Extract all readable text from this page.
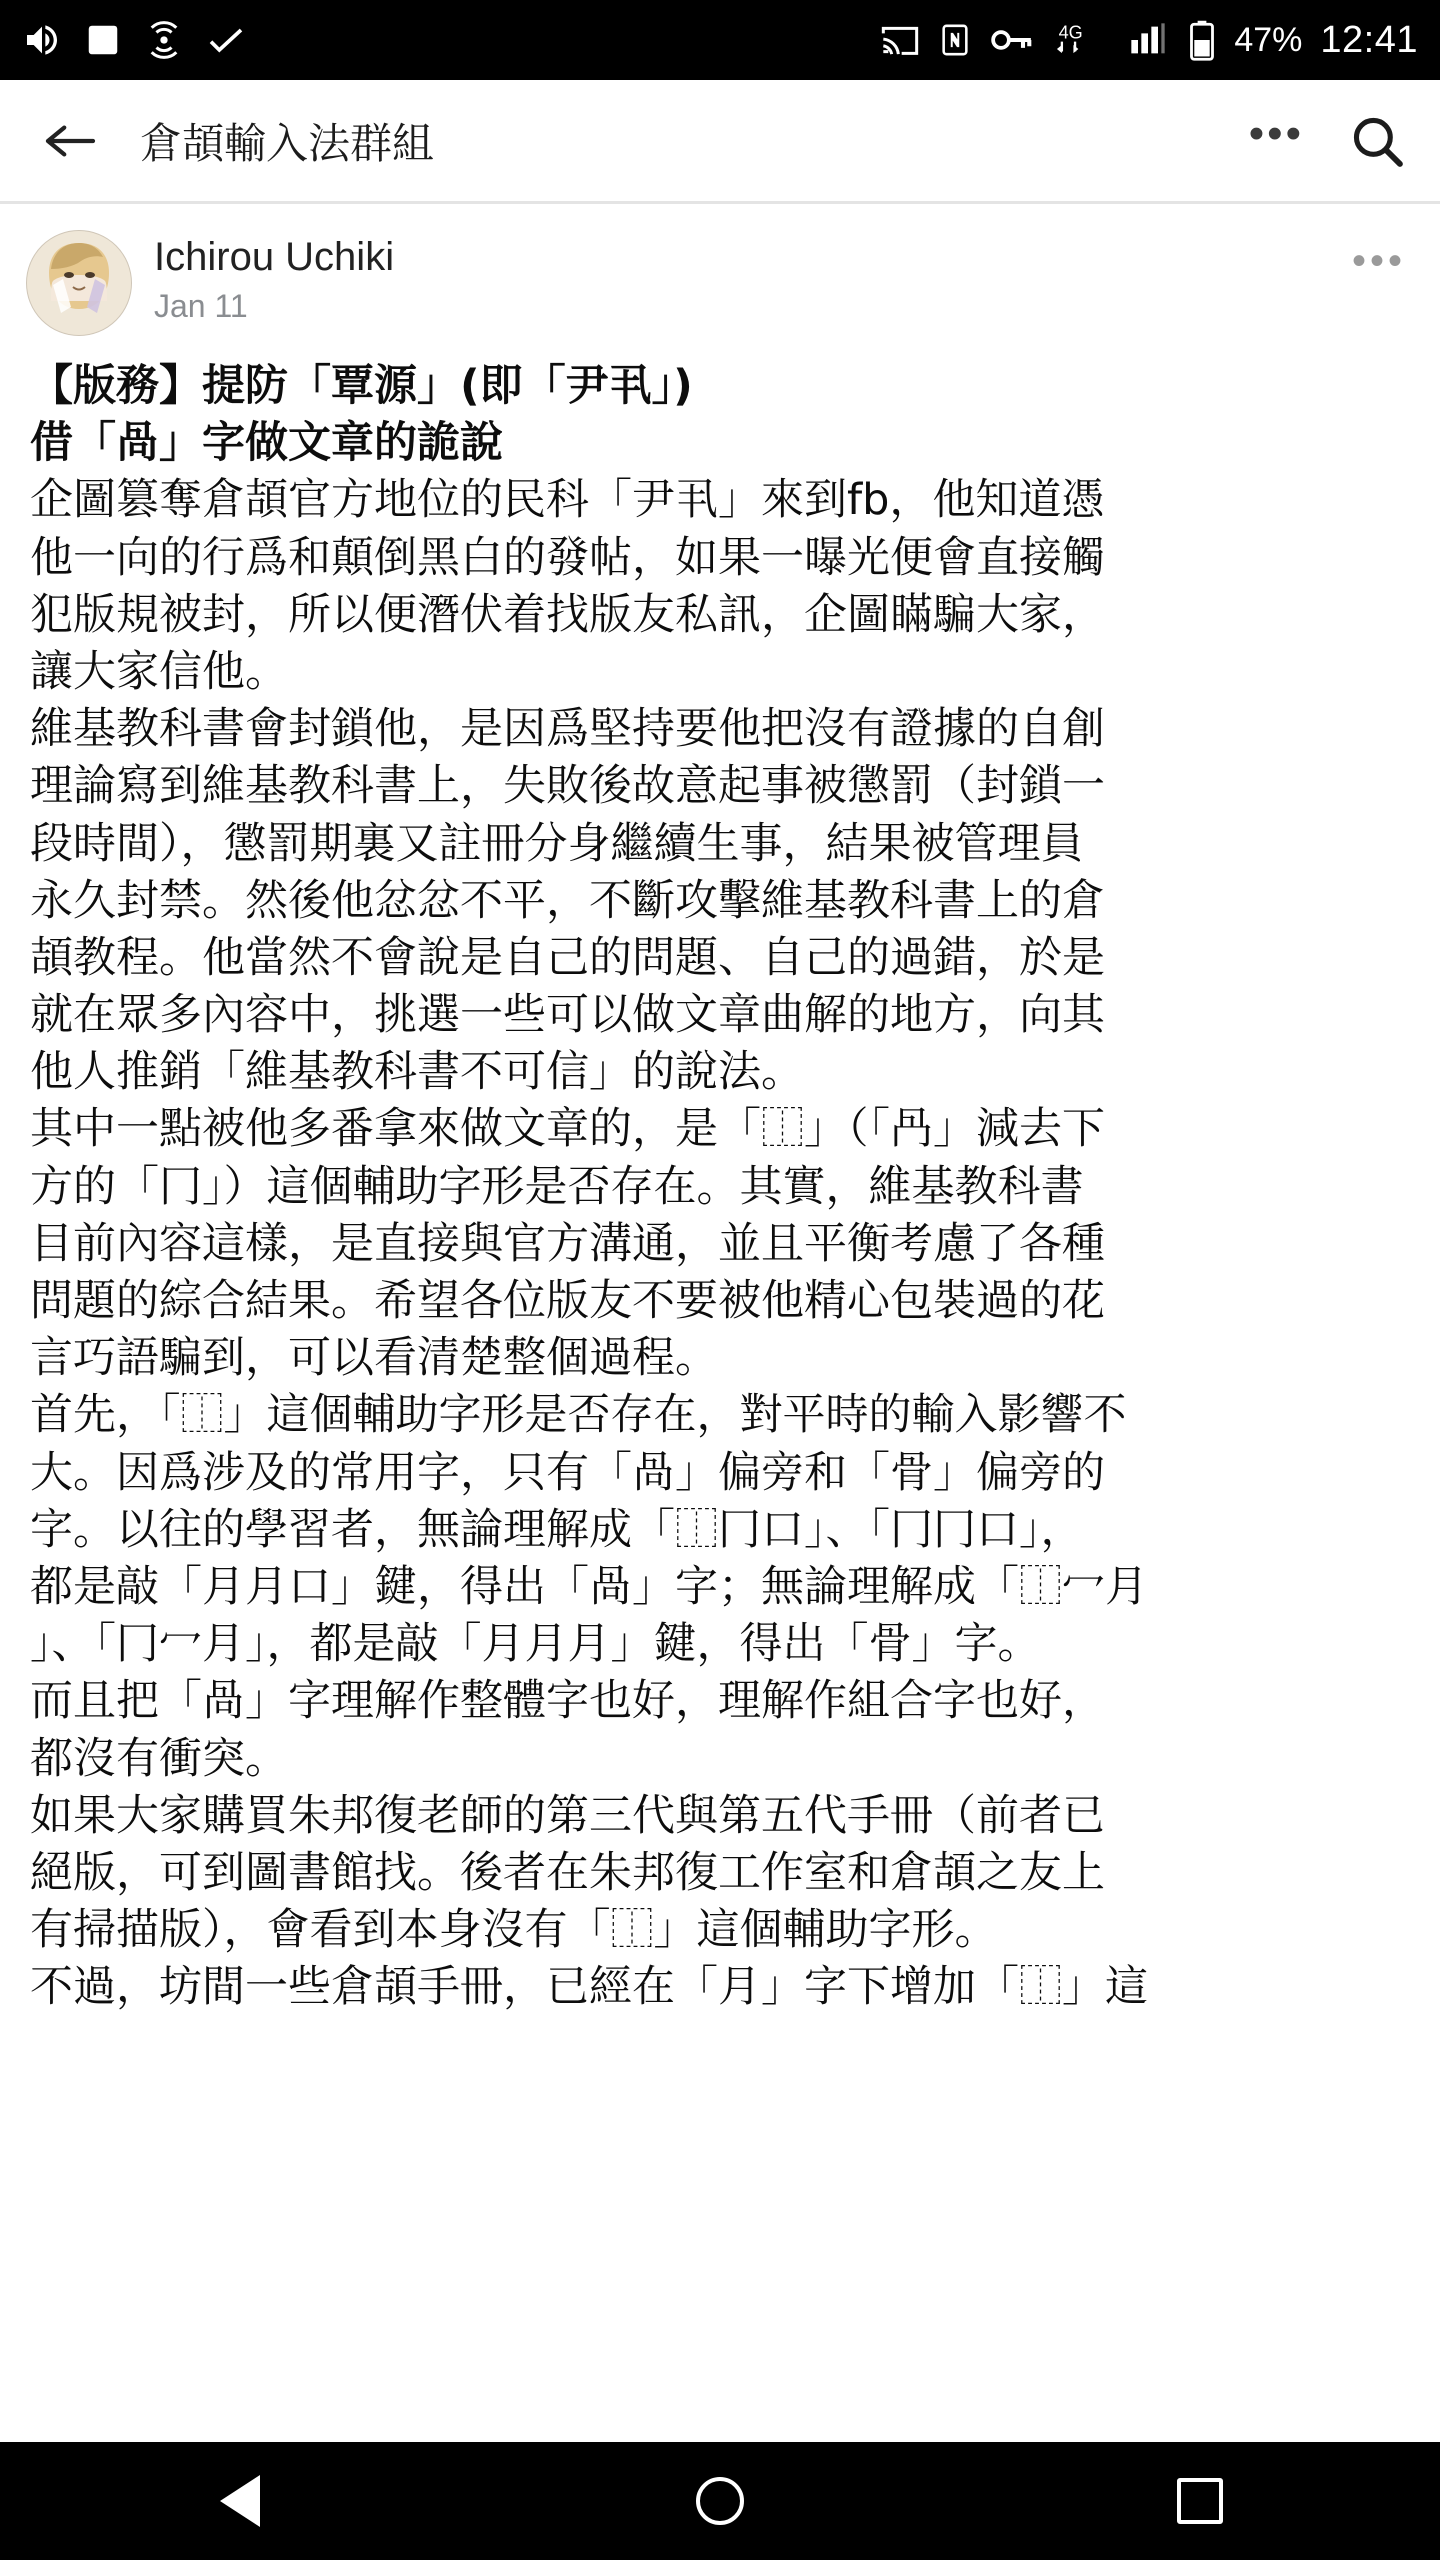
4G	47% 12:41
倉頡輸入法群組	•••
Ichirou Uchiki
Jan 11
•••
【版務】提防「覃源」(即「尹丮」)
借「咼」字做文章的詭說
企圖篡奪倉頡官方地位的民科「尹丮」來到fb，他知道憑
他一向的行爲和顛倒黑白的發帖，如果一曝光便會直接觸
犯版規被封，所以便潛伏着找版友私訊，企圖瞞騙大家，
讓大家信他。
維基教科書會封鎖他，是因爲堅持要他把沒有證據的自創
理論寫到維基教科書上，失敗後故意起事被懲罰（封鎖一
段時間），懲罰期裏又註冊分身繼續生事，結果被管理員
永久封禁。然後他忿忿不平，不斷攻擊維基教科書上的倉
頡教程。他當然不會說是自己的問題、自己的過錯，於是
就在眾多內容中，挑選一些可以做文章曲解的地方，向其
他人推銷「維基教科書不可信」的說法。
其中一點被他多番拿來做文章的，是「⿰」（「冎」減去下
方的「冂」）這個輔助字形是否存在。其實，維基教科書
目前內容這樣，是直接與官方溝通，並且平衡考慮了各種
問題的綜合結果。希望各位版友不要被他精心包裝過的花
言巧語騙到，可以看清楚整個過程。
首先，「⿰」這個輔助字形是否存在，對平時的輸入影響不
大。因爲涉及的常用字，只有「咼」偏旁和「骨」偏旁的
字。以往的學習者，無論理解成「⿰冂口」、「冂冂口」，
都是敲「月月口」鍵，得出「咼」字；無論理解成「⿰冖月
」、「冂冖月」，都是敲「月月月」鍵，得出「骨」字。
而且把「咼」字理解作整體字也好，理解作組合字也好，
都沒有衝突。
如果大家購買朱邦復老師的第三代與第五代手冊（前者已
絕版，可到圖書館找。後者在朱邦復工作室和倉頡之友上
有掃描版），會看到本身沒有「⿰」這個輔助字形。
不過，坊間一些倉頡手冊，已經在「月」字下增加「⿰」這
